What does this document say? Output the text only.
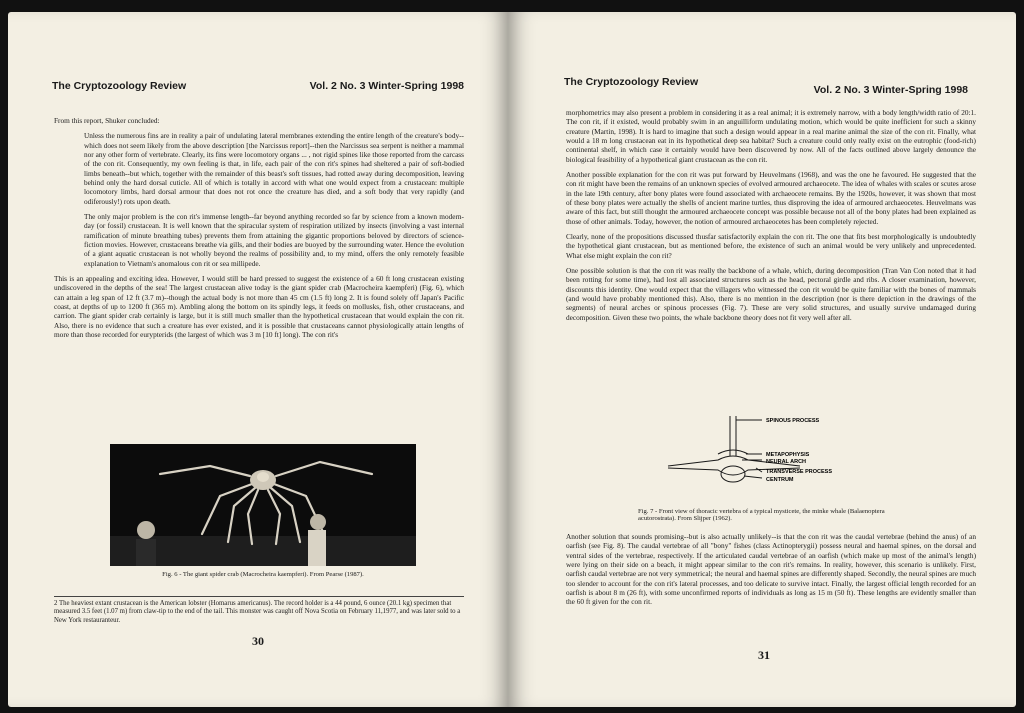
The Cryptozoology Review	Vol. 2 No. 3 Winter-Spring 1998

From this report, Shuker concluded:

Unless the numerous fins are in reality a pair of undulating lateral membranes extending the entire length of the creature's body--which does not seem likely from the above description [the Narcissus report]--then the Narcissus sea serpent is neither a mammal nor any other form of vertebrate. Clearly, its fins were locomotory organs ... , not rigid spines like those reported from the carcass of the con rit. Consequently, my own feeling is that, in life, each pair of the con rit's spines had sheltered a pair of soft-bodied limbs beneath--but which, together with the remainder of this beast's soft tissues, had rotted away during decomposition, leaving behind only the hard dorsal cuticle. All of which is totally in accord with what one would expect from a crustacean: multiple locomotory limbs, hard dorsal armour that does not rot once the creature has died, and a soft body that very rapidly (and odiferously!) rots upon death.

The only major problem is the con rit's immense length--far beyond anything recorded so far by science from a known modern-day (or fossil) crustacean. It is well known that the spiracular system of respiration utilized by insects (involving a vast internal ramification of minute breathing tubes) prevents them from attaining the gigantic proportions beloved by directors of science-fiction movies. However, crustaceans breathe via gills, and their bodies are buoyed by the surrounding water. Hence the evolution of a giant aquatic crustacean is not wholly beyond the realms of possibility and, to my mind, offers the only remotely feasible explanation to Vietnam's anomalous con rit or sea millipede.

This is an appealing and exciting idea. However, I would still be hard pressed to suggest the existence of a 60 ft long crustacean existing undiscovered in the depths of the sea! The largest crustacean alive today is the giant spider crab (Macrocheira kaempferi) (Fig. 6), which can attain a leg span of 12 ft (3.7 m)--though the actual body is not more than 45 cm (1.5 ft) long 2. It is found solely off Japan's Pacific coast, at depths of up to 1200 ft (365 m). Ambling along the bottom on its spindly legs, it feeds on mollusks, fish, other crustaceans, and carrion. The giant spider crab certainly is large, but it is still much smaller than the hypothetical crustacean that would explain the con rit. Also, there is no evidence that such a creature has ever existed, and it is possible that crustaceans cannot physiologically attain lengths of more than those recorded for eurypterids (the largest of which was 3 m [10 ft] long). The con rit's

Fig. 6 - The giant spider crab (Macrocheira kaempferi). From Pearse (1987).
2 The heaviest extant crustacean is the American lobster (Homarus americanus). The record holder is a 44 pound, 6 ounce (20.1 kg) specimen that measured 3.5 feet (1.07 m) from claw-tip to the end of the tail. This monster was caught off Nova Scotia on February 11,1977, and was later sold to a New York restauranteur.
30
The Cryptozoology Review
Vol. 2 No. 3 Winter-Spring 1998

morphometrics may also present a problem in considering it as a real animal; it is extremely narrow, with a body length/width ratio of 20:1. The con rit, if it existed, would probably swim in an anguilliform undulating motion, which would be quite inefficient for such a skinny creature (Martin, 1998). It is hard to imagine that such a design would appear in a real marine animal the size of the con rit. Finally, what would a 18 m long crustacean eat in its hypothetical deep sea habitat? Such a creature could only really exist on the eutrophic (food-rich) continental shelf, in which case it certainly would have been discovered by now. All of the facts outlined above largely denounce the biological feasibility of a hypothetical giant crustacean as the con rit.

Another possible explanation for the con rit was put forward by Heuvelmans (1968), and was the one he favoured. He suggested that the con rit might have been the remains of an unknown species of evolved armoured archaeocete. The idea of whales with scales or scutes arose in the late 19th century, after bony plates were found associated with archaeocete remains. By the 1920s, however, it was shown that most of these bony plates were actually the shells of ancient marine turtles, thus disproving the idea of armoured archaeocetes. Heuvelmans was aware of this fact, but still thought the armoured archaeocete concept was possible because not all of the bony plates had been explained as those of other animals. Today, however, the notion of armoured archaeocetes has been completely rejected.

Clearly, none of the propositions discussed thusfar satisfactorily explain the con rit. The one that fits best morphologically is undoubtedly the hypothetical giant crustacean, but as mentioned before, the existence of such an animal would be very unlikely and unprecedented. What else might explain the con rit?

One possible solution is that the con rit was really the backbone of a whale, which, during decomposition (Tran Van Con noted that it had been rotting for some time), had lost all associated structures such as the head, pectoral girdle and ribs. A closer examination, however, discounts this identity. One would expect that the villagers who witnessed the con rit would be quite familiar with the bones of mammals (and would have probably mentioned this). Also, there is no mention in the description (nor is there depiction in the drawings of the segments) of neural arches or spinous processes (Fig. 7). These are very solid structures, and usually survive undamaged during decomposition. Given these two points, the whale backbone theory does not fit very well after all.

SPINOUS PROCESS
METAPOPHYSIS
NEURAL ARCH
TRANSVERSE PROCESS
CENTRUM
Fig. 7 - Front view of thoracic vertebra of a typical mysticete, the minke whale (Balaenoptera acutorostrata). From Slijper (1962).

Another solution that sounds promising--but is also actually unlikely--is that the con rit was the caudal vertebrae (behind the anus) of an oarfish (see Fig. 8). The caudal vertebrae of all "bony" fishes (class Actinopterygii) possess neural and haemal spines, on the dorsal and ventral sides of the vertebrae, respectively. If the articulated caudal vertebrae of an oarfish (which make up most of the animal's length) were lying on their side on a beach, it might appear similar to the con rit's remains. In reality, however, this scenario is unlikely. First, oarfish caudal vertebrae are not very symmetrical; the neural and haemal spines are differently shaped. Secondly, the neural spines are much too slender to account for the con rit's lateral processes, and too delicate to survive intact. Finally, the largest official length recorded for an oarfish is about 8 m (26 ft), with some unconfirmed reports of individuals as long as 15 m (50 ft). These lengths are evidently smaller than the 60 ft given for the con rit.

31
